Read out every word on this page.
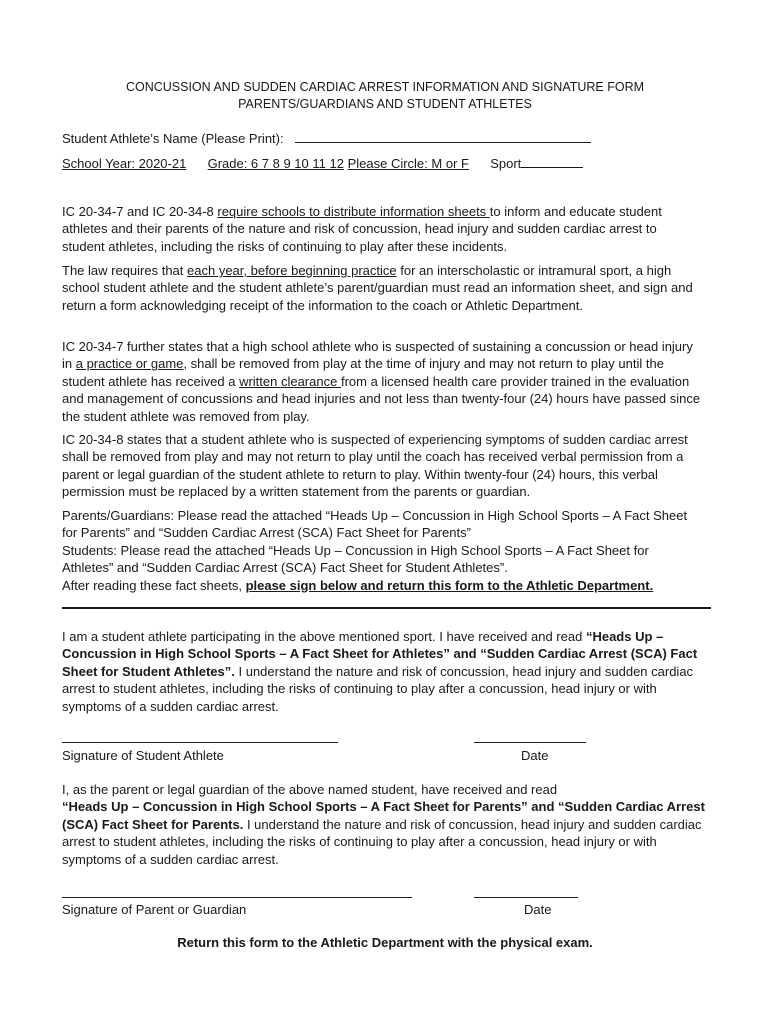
CONCUSSION AND SUDDEN CARDIAC ARREST INFORMATION AND SIGNATURE FORM
PARENTS/GUARDIANS AND STUDENT ATHLETES
Student Athlete’s Name (Please Print):
School Year: 2020-21 Grade: 6 7 8 9 10 11 12 Please Circle: M or F Sport

IC 20-34-7 and IC 20-34-8 require schools to distribute information sheets to inform and educate student athletes and their parents of the nature and risk of concussion, head injury and sudden cardiac arrest to student athletes, including the risks of continuing to play after these incidents.

The law requires that each year, before beginning practice for an interscholastic or intramural sport, a high school student athlete and the student athlete’s parent/guardian must read an information sheet, and sign and return a form acknowledging receipt of the information to the coach or Athletic Department.

IC 20-34-7 further states that a high school athlete who is suspected of sustaining a concussion or head injury in a practice or game, shall be removed from play at the time of injury and may not return to play until the student athlete has received a written clearance from a licensed health care provider trained in the evaluation and management of concussions and head injuries and not less than twenty-four (24) hours have passed since the student athlete was removed from play.

IC 20-34-8 states that a student athlete who is suspected of experiencing symptoms of sudden cardiac arrest shall be removed from play and may not return to play until the coach has received verbal permission from a parent or legal guardian of the student athlete to return to play. Within twenty-four (24) hours, this verbal permission must be replaced by a written statement from the parents or guardian.

Parents/Guardians: Please read the attached “Heads Up – Concussion in High School Sports – A Fact Sheet for Parents” and “Sudden Cardiac Arrest (SCA) Fact Sheet for Parents”

Students: Please read the attached “Heads Up – Concussion in High School Sports – A Fact Sheet for Athletes” and “Sudden Cardiac Arrest (SCA) Fact Sheet for Student Athletes”.

After reading these fact sheets, please sign below and return this form to the Athletic Department.

I am a student athlete participating in the above mentioned sport. I have received and read “Heads Up – Concussion in High School Sports – A Fact Sheet for Athletes” and “Sudden Cardiac Arrest (SCA) Fact Sheet for Student Athletes”. I understand the nature and risk of concussion, head injury and sudden cardiac arrest to student athletes, including the risks of continuing to play after a concussion, head injury or with symptoms of a sudden cardiac arrest.

Signature of Student Athlete	Date

I, as the parent or legal guardian of the above named student, have received and read

“Heads Up – Concussion in High School Sports – A Fact Sheet for Parents” and “Sudden Cardiac Arrest (SCA) Fact Sheet for Parents. I understand the nature and risk of concussion, head injury and sudden cardiac arrest to student athletes, including the risks of continuing to play after a concussion, head injury or with symptoms of a sudden cardiac arrest.

Signature of Parent or Guardian	Date
Return this form to the Athletic Department with the physical exam.
